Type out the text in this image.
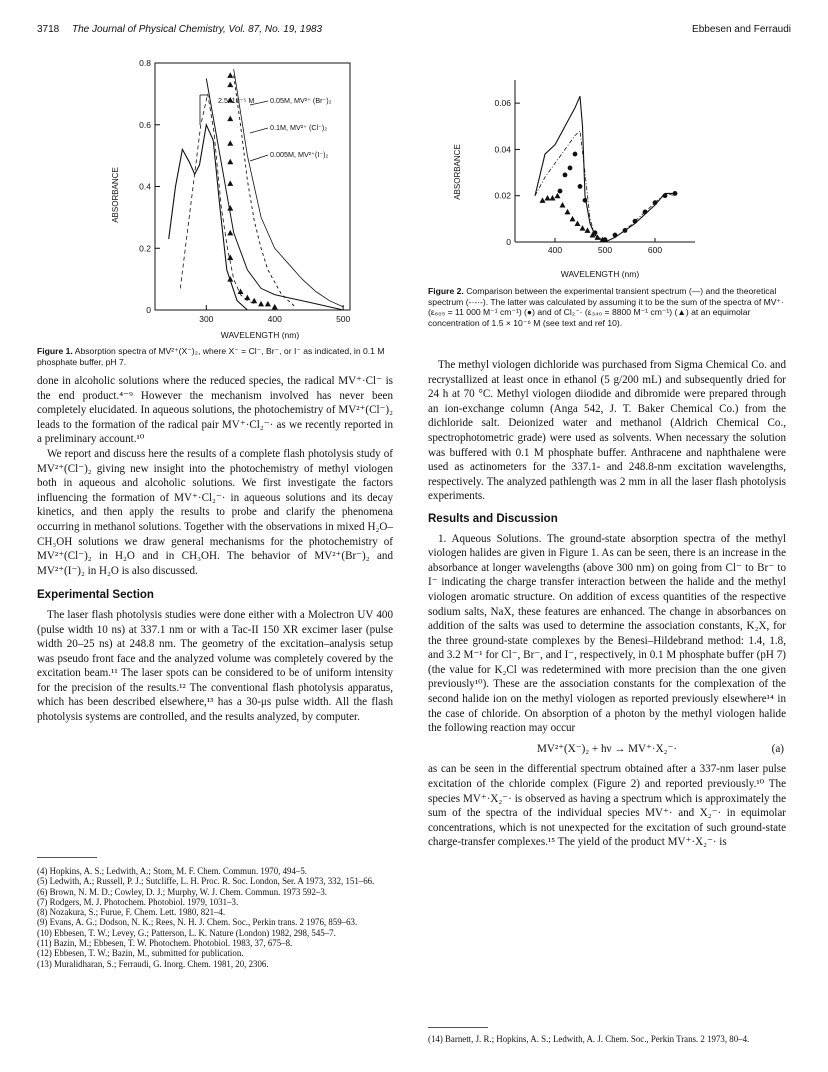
3718 The Journal of Physical Chemistry, Vol. 87, No. 19, 1983	Ebbesen and Ferraudi
0
0.2
0.4
0.6
0.8
300	400	500
2.5x10⁻⁵ M 0.05M, MV²⁺ (Br⁻)₂
0.1M, MV²⁺ (Cl⁻)₂
0.005M, MV²⁺(I⁻)₂
ABSORBANCE
WAVELENGTH (nm)
Figure 1. Absorption spectra of MV²⁺(X⁻)₂, where X⁻ = Cl⁻, Br⁻, or I⁻ as indicated, in 0.1 M phosphate buffer, pH 7.
0
0.02
0.04
0.06
400	500	600
ABSORBANCE
WAVELENGTH (nm)
Figure 2. Comparison between the experimental transient spectrum (—) and the theoretical spectrum (-·-·-). The latter was calculated by assuming it to be the sum of the spectra of MV⁺· (ε₆₀₅ = 11 000 M⁻¹ cm⁻¹) (●) and of Cl₂⁻· (ε₃₄₀ = 8800 M⁻¹ cm⁻¹) (▲) at an equimolar concentration of 1.5 × 10⁻⁶ M (see text and ref 10).

done in alcoholic solutions where the reduced species, the radical MV⁺·Cl⁻ is the end product.⁴⁻⁹ However the mechanism involved has never been completely elucidated. In aqueous solutions, the photochemistry of MV²⁺(Cl⁻)₂ leads to the formation of the radical pair MV⁺·Cl₂⁻· as we recently reported in a preliminary account.¹⁰

We report and discuss here the results of a complete flash photolysis study of MV²⁺(Cl⁻)₂ giving new insight into the photochemistry of methyl viologen both in aqueous and alcoholic solutions. We first investigate the factors influencing the formation of MV⁺·Cl₂⁻· in aqueous solutions and its decay kinetics, and then apply the results to probe and clarify the phenomena occurring in methanol solutions. Together with the observations in mixed H₂O–CH₃OH solutions we draw general mechanisms for the photochemistry of MV²⁺(Cl⁻)₂ in H₂O and in CH₃OH. The behavior of MV²⁺(Br⁻)₂ and MV²⁺(I⁻)₂ in H₂O is also discussed.

Experimental Section

The laser flash photolysis studies were done either with a Molectron UV 400 (pulse width 10 ns) at 337.1 nm or with a Tac-II 150 XR excimer laser (pulse width 20–25 ns) at 248.8 nm. The geometry of the excitation–analysis setup was pseudo front face and the analyzed volume was completely covered by the excitation beam.¹¹ The laser spots can be considered to be of uniform intensity for the precision of the results.¹² The conventional flash photolysis apparatus, which has been described elsewhere,¹³ has a 30-μs pulse width. All the flash photolysis systems are controlled, and the results analyzed, by computer.

(4) Hopkins, A. S.; Ledwith, A.; Stom, M. F. Chem. Commun. 1970, 494–5.
(5) Ledwith, A.; Russell, P. J.; Sutcliffe, L. H. Proc. R. Soc. London, Ser. A 1973, 332, 151–66.
(6) Brown, N. M. D.; Cowley, D. J.; Murphy, W. J. Chem. Commun. 1973 592–3.
(7) Rodgers, M. J. Photochem. Photobiol. 1979, 1031–3.
(8) Nozakura, S.; Furue, F. Chem. Lett. 1980, 821–4.
(9) Evans, A. G.; Dodson, N. K.; Rees, N. H. J. Chem. Soc., Perkin trans. 2 1976, 859–63.
(10) Ebbesen, T. W.; Levey, G.; Patterson, L. K. Nature (London) 1982, 298, 545–7.
(11) Bazin, M.; Ebbesen, T. W. Photochem. Photobiol. 1983, 37, 675–8.
(12) Ebbesen, T. W.; Bazin, M., submitted for publication.
(13) Muralidharan, S.; Ferraudi, G. Inorg. Chem. 1981, 20, 2306.

The methyl viologen dichloride was purchased from Sigma Chemical Co. and recrystallized at least once in ethanol (5 g/200 mL) and subsequently dried for 24 h at 70 °C. Methyl viologen diiodide and dibromide were prepared through an ion-exchange column (Anga 542, J. T. Baker Chemical Co.) from the dichloride salt. Deionized water and methanol (Aldrich Chemical Co., spectrophotometric grade) were used as solvents. When necessary the solution was buffered with 0.1 M phosphate buffer. Anthracene and naphthalene were used as actinometers for the 337.1- and 248.8-nm excitation wavelengths, respectively. The analyzed pathlength was 2 mm in all the laser flash photolysis experiments.

Results and Discussion

1. Aqueous Solutions. The ground-state absorption spectra of the methyl viologen halides are given in Figure 1. As can be seen, there is an increase in the absorbance at longer wavelengths (above 300 nm) on going from Cl⁻ to Br⁻ to I⁻ indicating the charge transfer interaction between the halide and the methyl viologen aromatic structure. On addition of excess quantities of the respective sodium salts, NaX, these features are enhanced. The change in absorbances on addition of the salts was used to determine the association constants, K₂X, for the three ground-state complexes by the Benesi–Hildebrand method: 1.4, 1.8, and 3.2 M⁻¹ for Cl⁻, Br⁻, and I⁻, respectively, in 0.1 M phosphate buffer (pH 7) (the value for K₂Cl was redetermined with more precision than the one given previously¹⁰). These are the association constants for the complexation of the second halide ion on the methyl viologen as reported previously elsewhere¹⁴ in the case of chloride. On absorption of a photon by the methyl viologen halide the following reaction may occur

MV²⁺(X⁻)₂ + hν → MV⁺·X₂⁻·	(a)

as can be seen in the differential spectrum obtained after a 337-nm laser pulse excitation of the chloride complex (Figure 2) and reported previously.¹⁰ The species MV⁺·X₂⁻· is observed as having a spectrum which is approximately the sum of the spectra of the individual species MV⁺· and X₂⁻· in equimolar concentrations, which is not unexpected for the excitation of such ground-state charge-transfer complexes.¹⁵ The yield of the product MV⁺·X₂⁻· is

(14) Barnett, J. R.; Hopkins, A. S.; Ledwith, A. J. Chem. Soc., Perkin Trans. 2 1973, 80–4.
